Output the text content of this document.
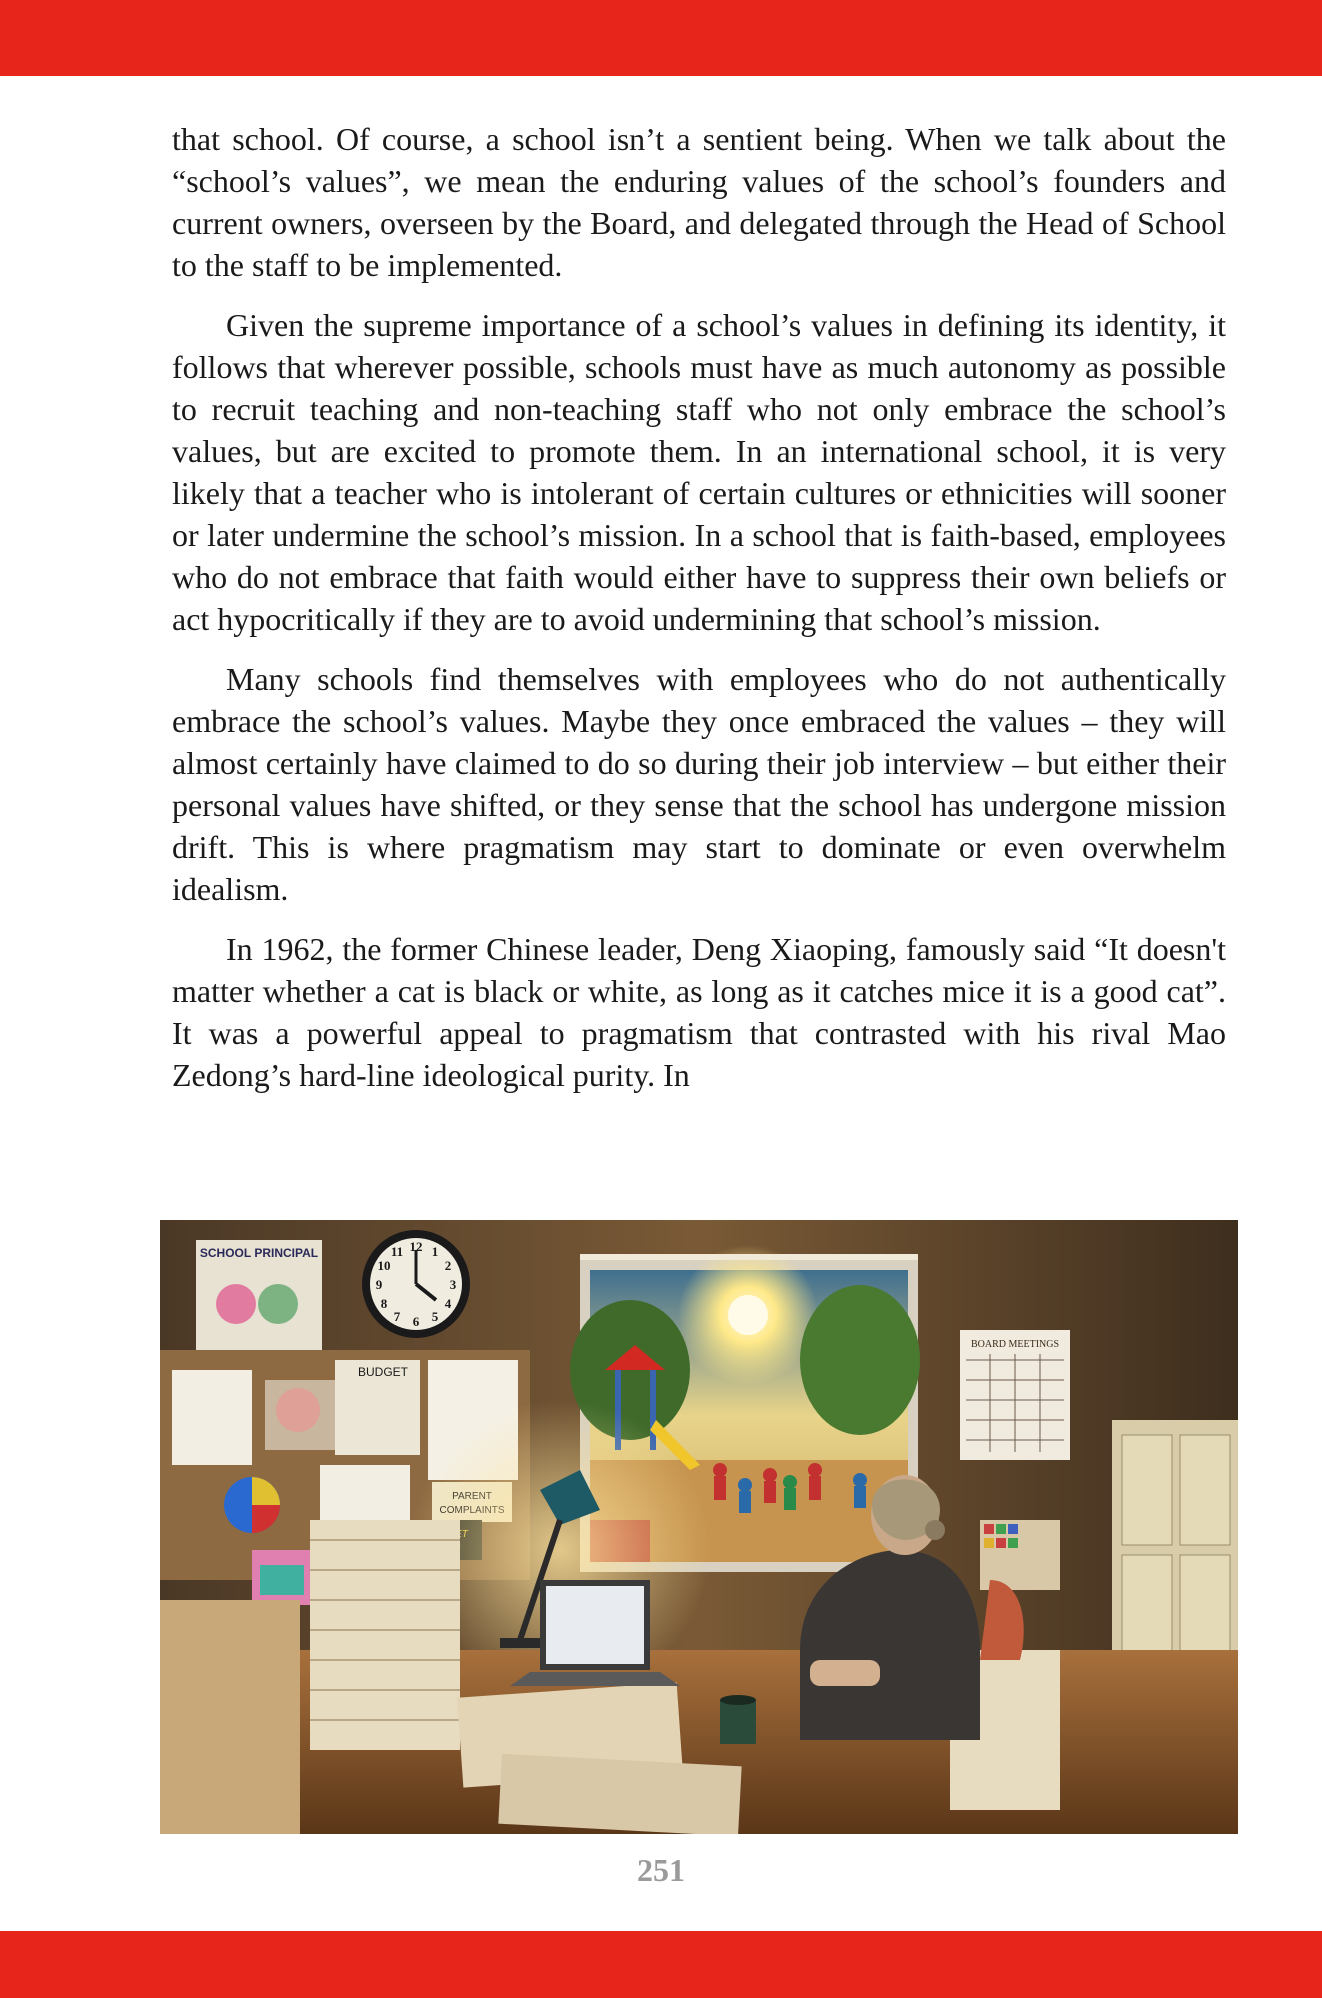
that school. Of course, a school isn’t a sentient being. When we talk about the “school’s values”, we mean the enduring values of the school’s founders and current owners, overseen by the Board, and delegated through the Head of School to the staff to be implemented.

Given the supreme importance of a school’s values in defining its identity, it follows that wherever possible, schools must have as much autonomy as possible to recruit teaching and non-teaching staff who not only embrace the school’s values, but are excited to promote them. In an international school, it is very likely that a teacher who is intolerant of certain cultures or ethnicities will sooner or later undermine the school’s mission. In a school that is faith-based, employees who do not embrace that faith would either have to suppress their own beliefs or act hypocritically if they are to avoid undermining that school’s mission.

Many schools find themselves with employees who do not authentically embrace the school’s values. Maybe they once embraced the values – they will almost certainly have claimed to do so during their job interview – but either their personal values have shifted, or they sense that the school has undergone mission drift. This is where pragmatism may start to dominate or even overwhelm idealism.

In 1962, the former Chinese leader, Deng Xiaoping, famously said “It doesn't matter whether a cat is black or white, as long as it catches mice it is a good cat”. It was a powerful appeal to pragmatism that contrasted with his rival Mao Zedong’s hard-line ideological purity. In

12 1
2
3
4
5
6
7
8
9
10
11
SCHOOL PRINCIPAL
BUDGET
BOARD MEETINGS
251
